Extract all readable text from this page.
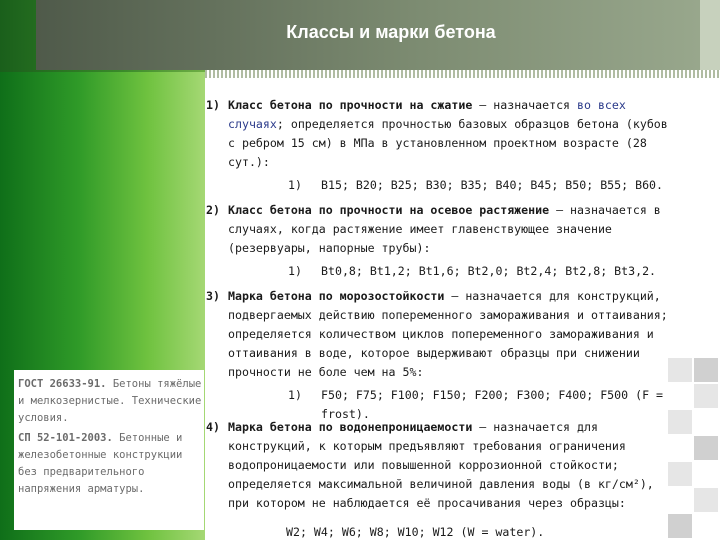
Классы и марки бетона

ГОСТ 26633-91. Бетоны тяжёлые и мелкозернистые. Технические условия.

СП 52-101-2003. Бетонные и железобетонные конструкции без предварительного напряжения арматуры.

1) Класс бетона по прочности на сжатие – назначается во всех случаях; определяется прочностью базовых образцов бетона (кубов с ребром 15 см) в МПа в установленном проектном возрасте (28 сут.):

1) B15; B20; B25; B30; B35; B40; B45; B50; B55; B60.

2) Класс бетона по прочности на осевое растяжение – назначается в случаях, когда растяжение имеет главенствующее значение (резервуары, напорные трубы):

1) Bt0,8; Bt1,2; Bt1,6; Bt2,0; Bt2,4; Bt2,8; Bt3,2.

3) Марка бетона по морозостойкости – назначается для конструкций, подвергаемых действию попеременного замораживания и оттаивания; определяется количеством циклов попеременного замораживания и оттаивания в воде, которое выдерживают образцы при снижении прочности не боле чем на 5%:

1) F50; F75; F100; F150; F200; F300; F400; F500 (F = frost).

4) Марка бетона по водонепроницаемости – назначается для конструкций, к которым предъявляют требования ограничения водопроницаемости или повышенной коррозионной стойкости; определяется максимальной величиной давления воды (в кг/см²), при котором не наблюдается её просачивания через образцы:

W2; W4; W6; W8; W10; W12 (W = water).
